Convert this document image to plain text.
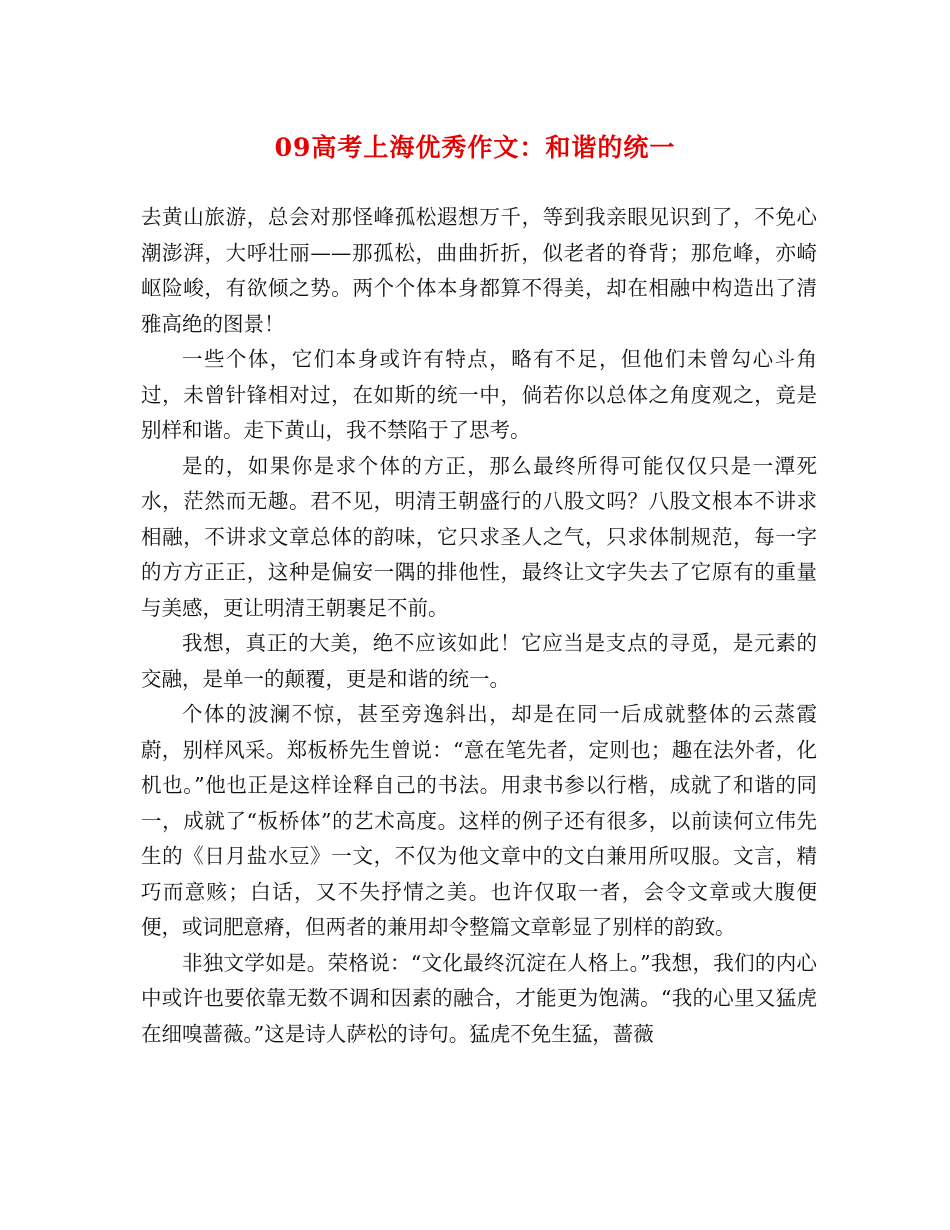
09高考上海优秀作文：和谐的统一

去黄山旅游，总会对那怪峰孤松遐想万千，等到我亲眼见识到了，不免心潮澎湃，大呼壮丽——那孤松，曲曲折折，似老者的脊背；那危峰，亦崎岖险峻，有欲倾之势。两个个体本身都算不得美，却在相融中构造出了清雅高绝的图景！

一些个体，它们本身或许有特点，略有不足，但他们未曾勾心斗角过，未曾针锋相对过，在如斯的统一中，倘若你以总体之角度观之，竟是别样和谐。走下黄山，我不禁陷于了思考。

是的，如果你是求个体的方正，那么最终所得可能仅仅只是一潭死水，茫然而无趣。君不见，明清王朝盛行的八股文吗？八股文根本不讲求相融，不讲求文章总体的韵味，它只求圣人之气，只求体制规范，每一字的方方正正，这种是偏安一隅的排他性，最终让文字失去了它原有的重量与美感，更让明清王朝裹足不前。

我想，真正的大美，绝不应该如此！它应当是支点的寻觅，是元素的交融，是单一的颠覆，更是和谐的统一。

个体的波澜不惊，甚至旁逸斜出，却是在同一后成就整体的云蒸霞蔚，别样风采。郑板桥先生曾说：“意在笔先者，定则也；趣在法外者，化机也。”他也正是这样诠释自己的书法。用隶书参以行楷，成就了和谐的同一，成就了“板桥体”的艺术高度。这样的例子还有很多，以前读何立伟先生的《日月盐水豆》一文，不仅为他文章中的文白兼用所叹服。文言，精巧而意赅；白话，又不失抒情之美。也许仅取一者，会令文章或大腹便便，或词肥意瘠，但两者的兼用却令整篇文章彰显了别样的韵致。

非独文学如是。荣格说：“文化最终沉淀在人格上。”我想，我们的内心中或许也要依靠无数不调和因素的融合，才能更为饱满。“我的心里又猛虎在细嗅蔷薇。”这是诗人萨松的诗句。猛虎不免生猛，蔷薇
